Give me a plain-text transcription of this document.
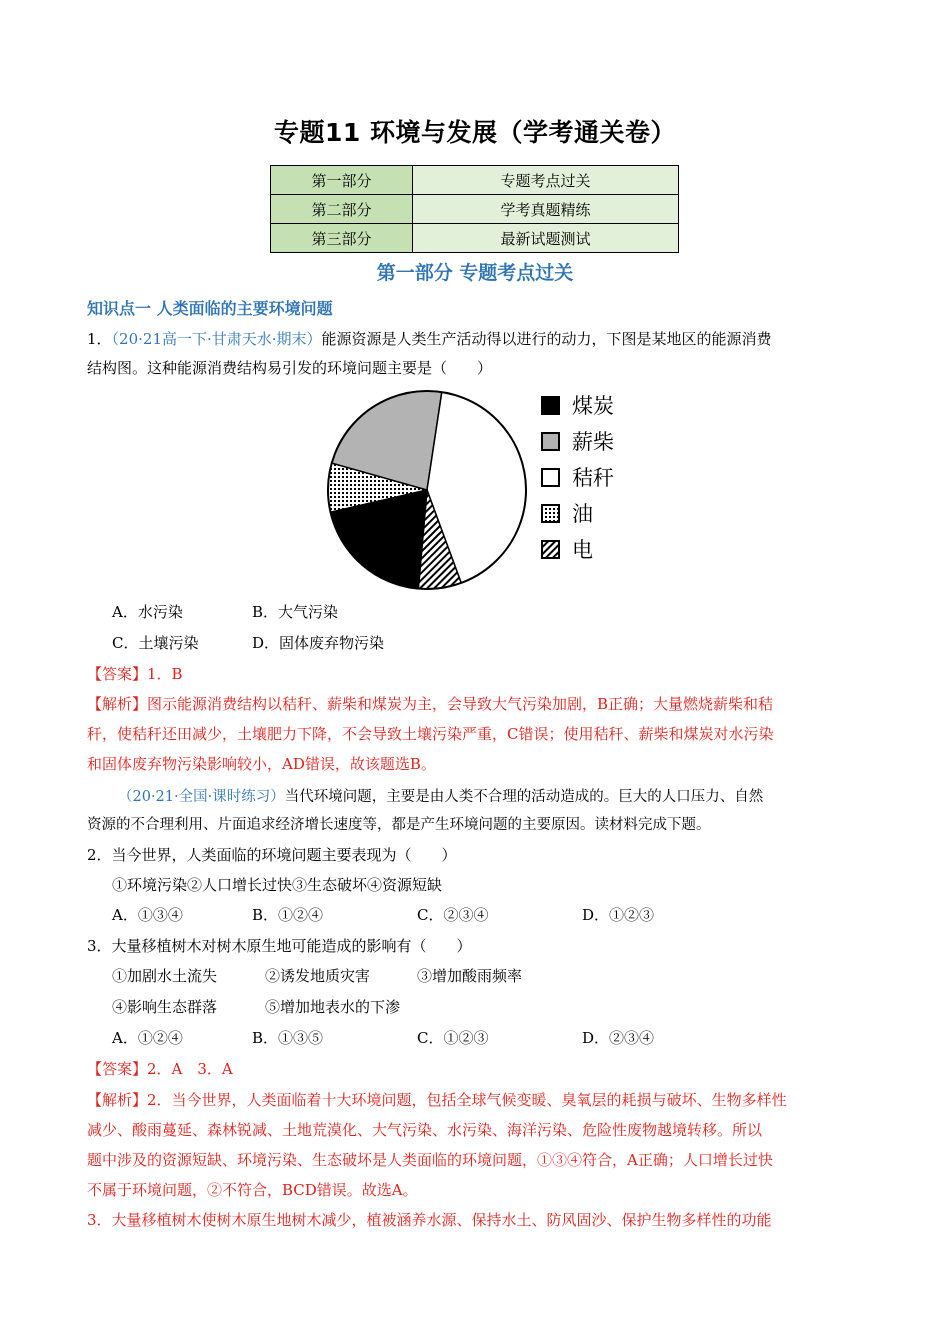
专题11 环境与发展（学考通关卷）
第一部分	专题考点过关
第二部分	学考真题精练
第三部分	最新试题测试
第一部分 专题考点过关
知识点一 人类面临的主要环境问题
1．（20·21高一下·甘肃天水·期末）能源资源是人类生产活动得以进行的动力，下图是某地区的能源消费
结构图。这种能源消费结构易引发的环境问题主要是（　　）
煤炭
薪柴
秸秆
油
电
A．水污染	B．大气污染
C．土壤污染	D．固体废弃物污染
【答案】1．B
【解析】图示能源消费结构以秸秆、薪柴和煤炭为主，会导致大气污染加剧，B正确；大量燃烧薪柴和秸
秆，使秸秆还田减少，土壤肥力下降，不会导致土壤污染严重，C错误；使用秸秆、薪柴和煤炭对水污染
和固体废弃物污染影响较小，AD错误，故该题选B。
（20·21·全国·课时练习）当代环境问题，主要是由人类不合理的活动造成的。巨大的人口压力、自然
资源的不合理利用、片面追求经济增长速度等，都是产生环境问题的主要原因。读材料完成下题。
2．当今世界，人类面临的环境问题主要表现为（　　）
①环境污染②人口增长过快③生态破坏④资源短缺
A．①③④	B．①②④	C．②③④	D．①②③
3．大量移植树木对树木原生地可能造成的影响有（　　）
①加剧水土流失	②诱发地质灾害	③增加酸雨频率
④影响生态群落	⑤增加地表水的下渗
A．①②④	B．①③⑤	C．①②③	D．②③④
【答案】2．A　3．A
【解析】2．当今世界，人类面临着十大环境问题，包括全球气候变暖、臭氧层的耗损与破坏、生物多样性
减少、酸雨蔓延、森林锐减、土地荒漠化、大气污染、水污染、海洋污染、危险性废物越境转移。所以
题中涉及的资源短缺、环境污染、生态破坏是人类面临的环境问题，①③④符合，A正确；人口增长过快
不属于环境问题，②不符合，BCD错误。故选A。
3．大量移植树木使树木原生地树木减少，植被涵养水源、保持水土、防风固沙、保护生物多样性的功能
